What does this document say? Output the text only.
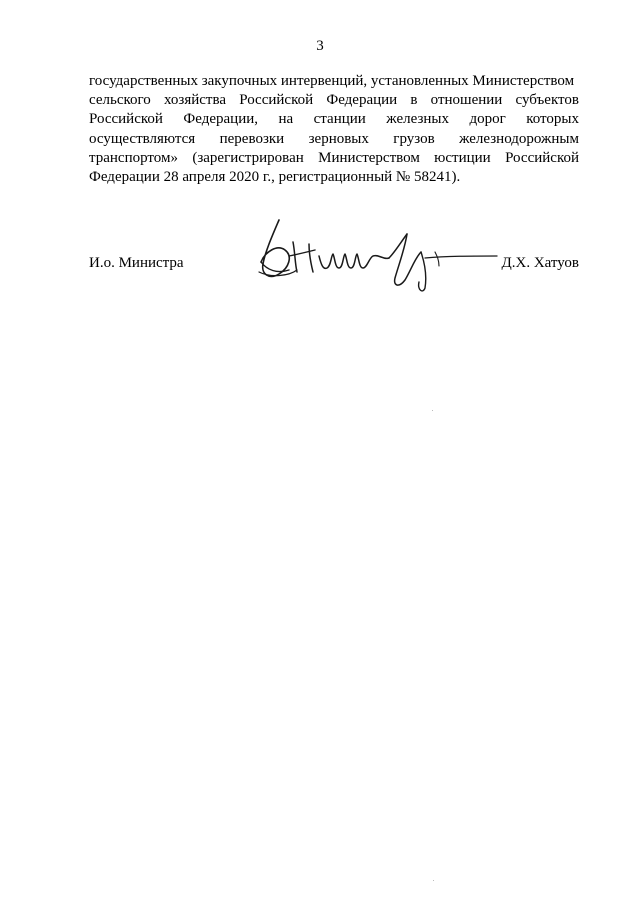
3
государственных закупочных интервенций, установленных Министерством
сельского хозяйства Российской Федерации в отношении субъектов
Российской Федерации, на станции железных дорог которых
осуществляются перевозки зерновых грузов железнодорожным
транспортом» (зарегистрирован Министерством юстиции Российской
Федерации 28 апреля 2020 г., регистрационный № 58241).
И.о. Министра	Д.Х. Хатуов
